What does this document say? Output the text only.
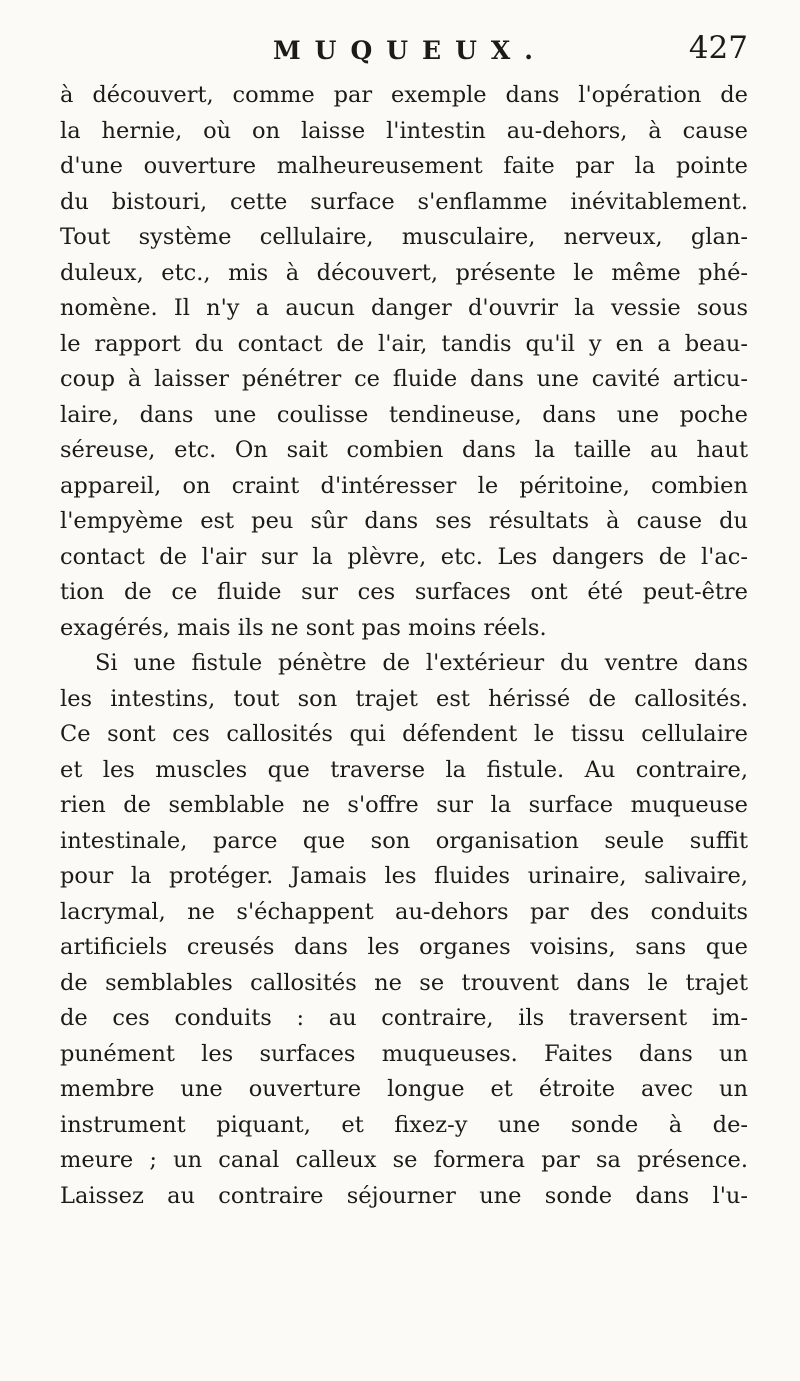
MUQUEUX.	427
à découvert, comme par exemple dans l'opération de
la hernie, où on laisse l'intestin au-dehors, à cause
d'une ouverture malheureusement faite par la pointe
du bistouri, cette surface s'enflamme inévitablement.
Tout système cellulaire, musculaire, nerveux, glan-
duleux, etc., mis à découvert, présente le même phé-
nomène. Il n'y a aucun danger d'ouvrir la vessie sous
le rapport du contact de l'air, tandis qu'il y en a beau-
coup à laisser pénétrer ce fluide dans une cavité articu-
laire, dans une coulisse tendineuse, dans une poche
séreuse, etc. On sait combien dans la taille au haut
appareil, on craint d'intéresser le péritoine, combien
l'empyème est peu sûr dans ses résultats à cause du
contact de l'air sur la plèvre, etc. Les dangers de l'ac-
tion de ce fluide sur ces surfaces ont été peut-être
exagérés, mais ils ne sont pas moins réels.
Si une fistule pénètre de l'extérieur du ventre dans
les intestins, tout son trajet est hérissé de callosités.
Ce sont ces callosités qui défendent le tissu cellulaire
et les muscles que traverse la fistule. Au contraire,
rien de semblable ne s'offre sur la surface muqueuse
intestinale, parce que son organisation seule suffit
pour la protéger. Jamais les fluides urinaire, salivaire,
lacrymal, ne s'échappent au-dehors par des conduits
artificiels creusés dans les organes voisins, sans que
de semblables callosités ne se trouvent dans le trajet
de ces conduits : au contraire, ils traversent im-
punément les surfaces muqueuses. Faites dans un
membre une ouverture longue et étroite avec un
instrument piquant, et fixez-y une sonde à de-
meure ; un canal calleux se formera par sa présence.
Laissez au contraire séjourner une sonde dans l'u-
